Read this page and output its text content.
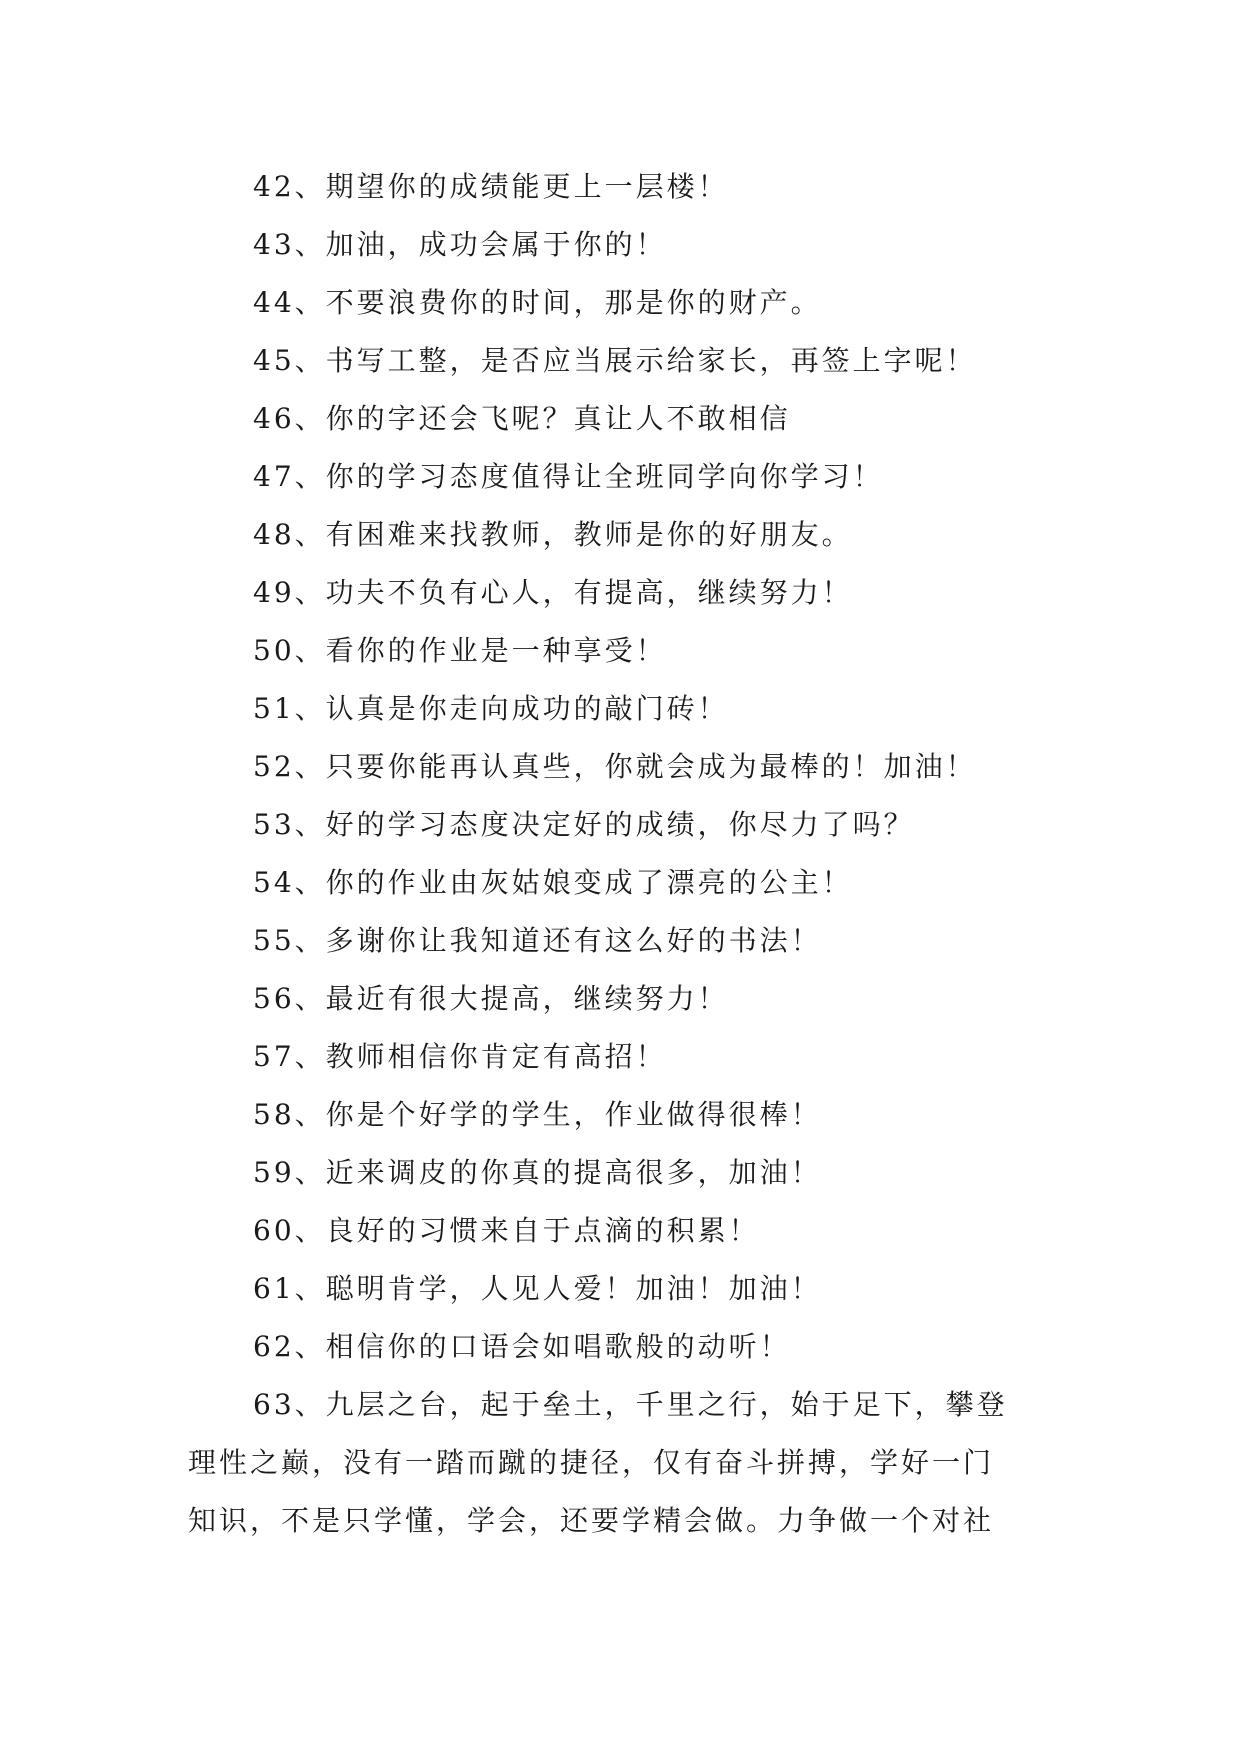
42、期望你的成绩能更上一层楼！
43、加油，成功会属于你的！
44、不要浪费你的时间，那是你的财产。
45、书写工整，是否应当展示给家长，再签上字呢！
46、你的字还会飞呢？真让人不敢相信
47、你的学习态度值得让全班同学向你学习！
48、有困难来找教师，教师是你的好朋友。
49、功夫不负有心人，有提高，继续努力！
50、看你的作业是一种享受！
51、认真是你走向成功的敲门砖！
52、只要你能再认真些，你就会成为最棒的！加油！
53、好的学习态度决定好的成绩，你尽力了吗？
54、你的作业由灰姑娘变成了漂亮的公主！
55、多谢你让我知道还有这么好的书法！
56、最近有很大提高，继续努力！
57、教师相信你肯定有高招！
58、你是个好学的学生，作业做得很棒！
59、近来调皮的你真的提高很多，加油！
60、良好的习惯来自于点滴的积累！
61、聪明肯学，人见人爱！加油！加油！
62、相信你的口语会如唱歌般的动听！
63、九层之台，起于垒土，千里之行，始于足下，攀登
理性之巅，没有一踏而蹴的捷径，仅有奋斗拼搏，学好一门
知识，不是只学懂，学会，还要学精会做。力争做一个对社
